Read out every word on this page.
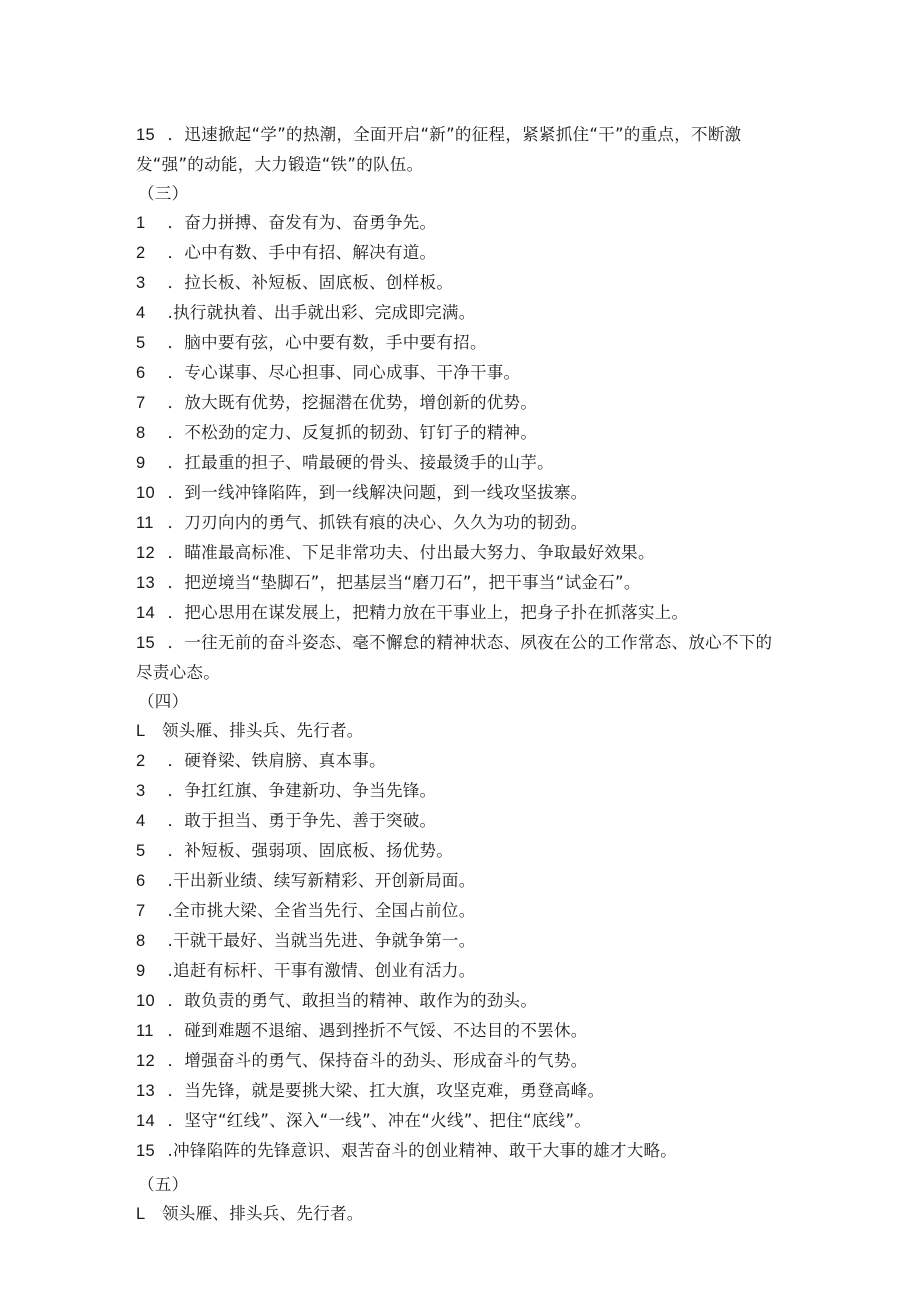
15 ．迅速掀起“学”的热潮，全面开启“新”的征程，紧紧抓住“干”的重点，不断激发“强”的动能，大力锻造“铁”的队伍。
（三）
1 ．奋力拼搏、奋发有为、奋勇争先。
2 ．心中有数、手中有招、解决有道。
3 ．拉长板、补短板、固底板、创样板。
4 .执行就执着、出手就出彩、完成即完满。
5 ．脑中要有弦，心中要有数，手中要有招。
6 ．专心谋事、尽心担事、同心成事、干净干事。
7 ．放大既有优势，挖掘潜在优势，增创新的优势。
8 ．不松劲的定力、反复抓的韧劲、钉钉子的精神。
9 ．扛最重的担子、啃最硬的骨头、接最烫手的山芋。
10 ．到一线冲锋陷阵，到一线解决问题，到一线攻坚拔寨。
11 ．刀刃向内的勇气、抓铁有痕的决心、久久为功的韧劲。
12 ．瞄准最高标准、下足非常功夫、付出最大努力、争取最好效果。
13 ．把逆境当“垫脚石”，把基层当“磨刀石”，把干事当“试金石”。
14 ．把心思用在谋发展上，把精力放在干事业上，把身子扑在抓落实上。
15 ．一往无前的奋斗姿态、毫不懈怠的精神状态、夙夜在公的工作常态、放心不下的尽责心态。
（四）
L 领头雁、排头兵、先行者。
2 ．硬脊梁、铁肩膀、真本事。
3 ．争扛红旗、争建新功、争当先锋。
4 ．敢于担当、勇于争先、善于突破。
5 ．补短板、强弱项、固底板、扬优势。
6 .干出新业绩、续写新精彩、开创新局面。
7 .全市挑大梁、全省当先行、全国占前位。
8 .干就干最好、当就当先进、争就争第一。
9 .追赶有标杆、干事有激情、创业有活力。
10 ．敢负责的勇气、敢担当的精神、敢作为的劲头。
11 ．碰到难题不退缩、遇到挫折不气馁、不达目的不罢休。
12 ．增强奋斗的勇气、保持奋斗的劲头、形成奋斗的气势。
13 ．当先锋，就是要挑大梁、扛大旗，攻坚克难，勇登高峰。
14 ．坚守“红线”、深入“一线”、冲在“火线”、把住“底线”。
15 .冲锋陷阵的先锋意识、艰苦奋斗的创业精神、敢干大事的雄才大略。
（五）
L 领头雁、排头兵、先行者。
